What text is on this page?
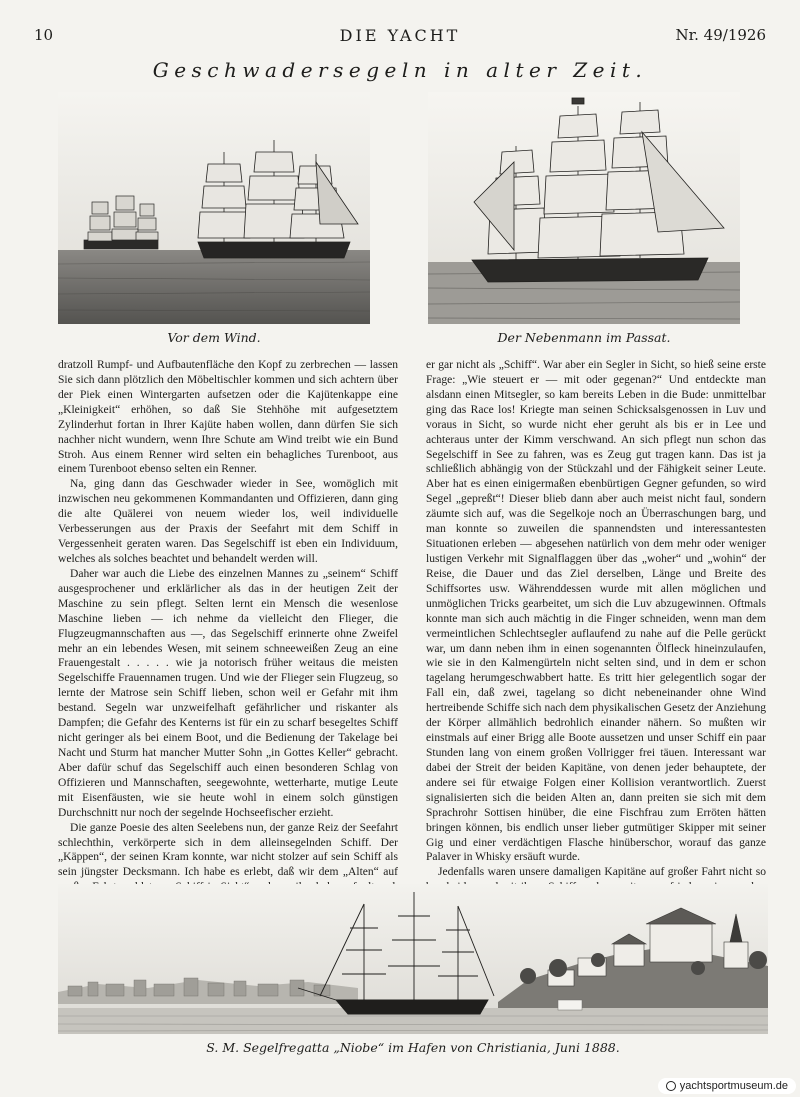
10	DIE YACHT	Nr. 49/1926
Geschwadersegeln in alter Zeit.
Vor dem Wind.	Der Nebenmann im Passat.

dratzoll Rumpf- und Aufbautenfläche den Kopf zu zerbrechen — lassen Sie sich dann plötzlich den Möbeltischler kommen und sich achtern über der Piek einen Wintergarten aufsetzen oder die Kajütenkappe eine „Kleinigkeit“ erhöhen, so daß Sie Stehhöhe mit aufgesetztem Zylinderhut fortan in Ihrer Kajüte haben wollen, dann dürfen Sie sich nachher nicht wundern, wenn Ihre Schute am Wind treibt wie ein Bund Stroh. Aus einem Renner wird selten ein behagliches Turenboot, aus einem Turenboot ebenso selten ein Renner.

Na, ging dann das Geschwader wieder in See, womöglich mit inzwischen neu gekommenen Kommandanten und Offizieren, dann ging die alte Quälerei von neuem wieder los, weil individuelle Verbesserungen aus der Praxis der Seefahrt mit dem Schiff in Vergessenheit geraten waren. Das Segelschiff ist eben ein Individuum, welches als solches beachtet und behandelt werden will.

Daher war auch die Liebe des einzelnen Mannes zu „seinem“ Schiff ausgesprochener und erklärlicher als das in der heutigen Zeit der Maschine zu sein pflegt. Selten lernt ein Mensch die wesenlose Maschine lieben — ich nehme da vielleicht den Flieger, die Flugzeugmannschaften aus —, das Segelschiff erinnerte ohne Zweifel mehr an ein lebendes Wesen, mit seinem schneeweißen Zeug an eine Frauengestalt . . . . . wie ja notorisch früher weitaus die meisten Segelschiffe Frauennamen trugen. Und wie der Flieger sein Flugzeug, so lernte der Matrose sein Schiff lieben, schon weil er Gefahr mit ihm bestand. Segeln war unzweifelhaft gefährlicher und riskanter als Dampfen; die Gefahr des Kenterns ist für ein zu scharf besegeltes Schiff nicht geringer als bei einem Boot, und die Bedienung der Takelage bei Nacht und Sturm hat mancher Mutter Sohn „in Gottes Keller“ gebracht. Aber dafür schuf das Segelschiff auch einen besonderen Schlag von Offizieren und Mannschaften, seegewohnte, wetterharte, mutige Leute mit Eisenfäusten, wie sie heute wohl in einem solch günstigen Durchschnitt nur noch der segelnde Hochseefischer erzieht.

Die ganze Poesie des alten Seelebens nun, der ganze Reiz der Seefahrt schlechthin, verkörperte sich in dem alleinsegelnden Schiff. Der „Käppen“, der seinen Kram konnte, war nicht stolzer auf sein Schiff als sein jüngster Decksmann. Ich habe es erlebt, daß wir dem „Alten“ auf

er gar nicht als „Schiff“. War aber ein Segler in Sicht, so hieß seine erste Frage: „Wie steuert er — mit oder gegenan?“ Und entdeckte man alsdann einen Mitsegler, so kam bereits Leben in die Bude: unmittelbar ging das Race los! Kriegte man seinen Schicksalsgenossen in Luv und voraus in Sicht, so wurde nicht eher geruht als bis er in Lee und achteraus unter der Kimm verschwand. An sich pflegt nun schon das Segelschiff in See zu fahren, was es Zeug gut tragen kann. Das ist ja schließlich abhängig von der Stückzahl und der Fähigkeit seiner Leute. Aber hat es einen einigermaßen ebenbürtigen Gegner gefunden, so wird Segel „gepreßt“! Dieser blieb dann aber auch meist nicht faul, sondern zäumte sich auf, was die Segelkoje noch an Überraschungen barg, und man konnte so zuweilen die spannendsten und interessantesten Situationen erleben — abgesehen natürlich von dem mehr oder weniger lustigen Verkehr mit Signalflaggen über das „woher“ und „wohin“ der Reise, die Dauer und das Ziel derselben, Länge und Breite des Schiffsortes usw. Währenddessen wurde mit allen möglichen und unmöglichen Tricks gearbeitet, um sich die Luv abzugewinnen. Oftmals konnte man sich auch mächtig in die Finger schneiden, wenn man dem vermeintlichen Schlechtsegler auflaufend zu nahe auf die Pelle gerückt war, um dann neben ihm in einen sogenannten Ölfleck hineinzulaufen, wie sie in den Kalmengürteln nicht selten sind, und in dem er schon tagelang herumgeschwabbert hatte. Es tritt hier gelegentlich sogar der Fall ein, daß zwei, tagelang so dicht nebeneinander ohne Wind hertreibende Schiffe sich nach dem physikalischen Gesetz der Anziehung der Körper allmählich bedrohlich einander nähern. So mußten wir einstmals auf einer Brigg alle Boote aussetzen und unser Schiff ein paar Stunden lang von einem großen Vollrigger frei täuen. Interessant war dabei der Streit der beiden Kapitäne, von denen jeder behauptete, der andere sei für etwaige Folgen einer Kollision verantwortlich. Zuerst signalisierten sich die beiden Alten an, dann preiten sie sich mit dem Sprachrohr Sottisen hinüber, die eine Fischfrau zum Erröten hätten bringen können, bis endlich unser lieber gutmütiger Skipper mit seiner Gig und einer verdächtigen Flasche hinüberschor, worauf das ganze Palaver in Whisky ersäuft wurde.

Jedenfalls waren unsere damaligen Kapitäne auf großer Fahrt nicht so

S. M. Segelfregatta „Niobe“ im Hafen von Christiania, Juni 1888.
yachtsportmuseum.de
